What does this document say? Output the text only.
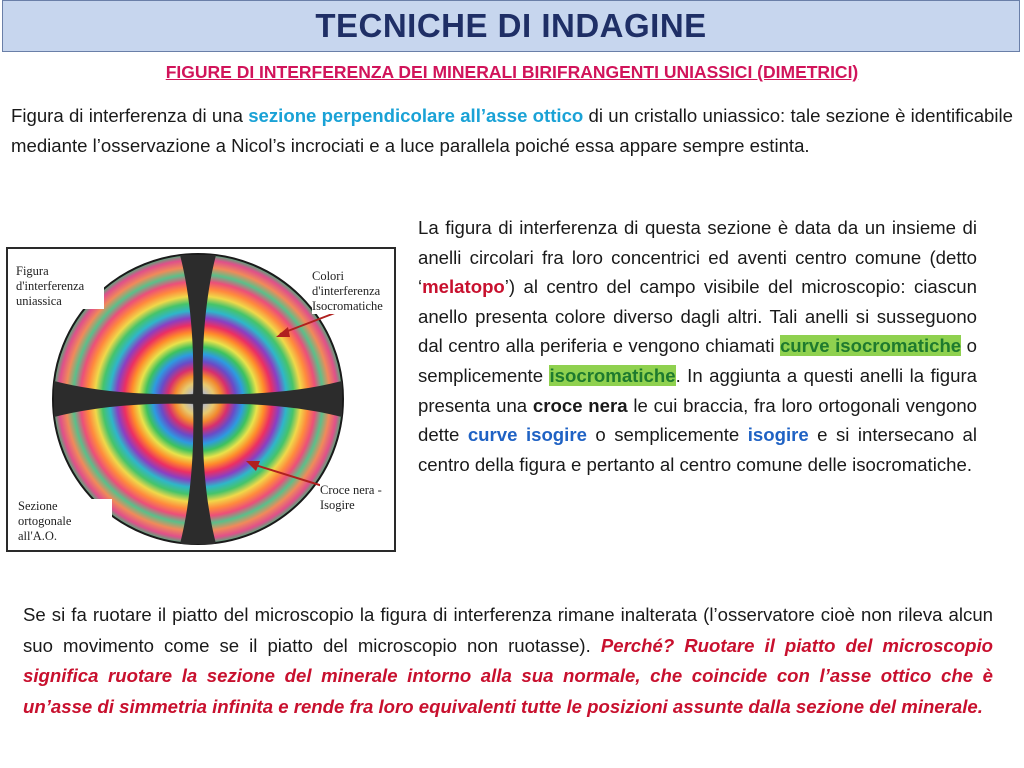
TECNICHE DI INDAGINE
FIGURE DI INTERFERENZA DEI MINERALI BIRIFRANGENTI UNIASSICI (DIMETRICI)

Figura di interferenza di una sezione perpendicolare all’asse ottico di un cristallo uniassico: tale sezione è identificabile mediante l’osservazione a Nicol’s incrociati e a luce parallela poiché essa appare sempre estinta.

Figura d'interferenza uniassica
Colori d'interferenza Isocromatiche
Sezione ortogonale all'A.O.
Croce nera - Isogire

La figura di interferenza di questa sezione è data da un insieme di anelli circolari fra loro concentrici ed aventi centro comune (detto ‘melatopo’) al centro del campo visibile del microscopio: ciascun anello presenta colore diverso dagli altri. Tali anelli si susseguono dal centro alla periferia e vengono chiamati curve isocromatiche o semplicemente isocromatiche. In aggiunta a questi anelli la figura presenta una croce nera le cui braccia, fra loro ortogonali vengono dette curve isogire o semplicemente isogire e si intersecano al centro della figura e pertanto al centro comune delle isocromatiche.

Se si fa ruotare il piatto del microscopio la figura di interferenza rimane inalterata (l’osservatore cioè non rileva alcun suo movimento come se il piatto del microscopio non ruotasse). Perché? Ruotare il piatto del microscopio significa ruotare la sezione del minerale intorno alla sua normale, che coincide con l’asse ottico che è un’asse di simmetria infinita e rende fra loro equivalenti tutte le posizioni assunte dalla sezione del minerale.
